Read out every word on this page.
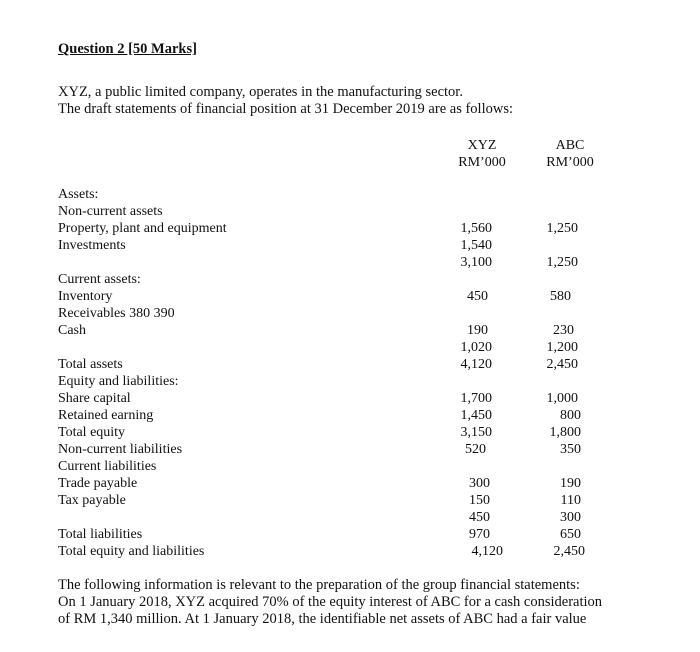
Question 2 [50 Marks]
XYZ, a public limited company, operates in the manufacturing sector.
The draft statements of financial position at 31 December 2019 are as follows:
XYZ
RM’000
ABC
RM’000
Assets:
Non-current assets
Property, plant and equipment
Investments
Current assets:
Inventory
Receivables 380 390
Cash
Total assets
Equity and liabilities:
Share capital
Retained earning
Total equity
Non-current liabilities
Current liabilities
Trade payable
Tax payable
Total liabilities
Total equity and liabilities
1,560
1,540
3,100
450
190
1,020
4,120
1,700
1,450
3,150
520
300
150
450
970
4,120
1,250
1,250
580
230
1,200
2,450
1,000
800
1,800
350
190
110
300
650
2,450
The following information is relevant to the preparation of the group financial statements:
On 1 January 2018, XYZ acquired 70% of the equity interest of ABC for a cash consideration
of RM 1,340 million. At 1 January 2018, the identifiable net assets of ABC had a fair value
